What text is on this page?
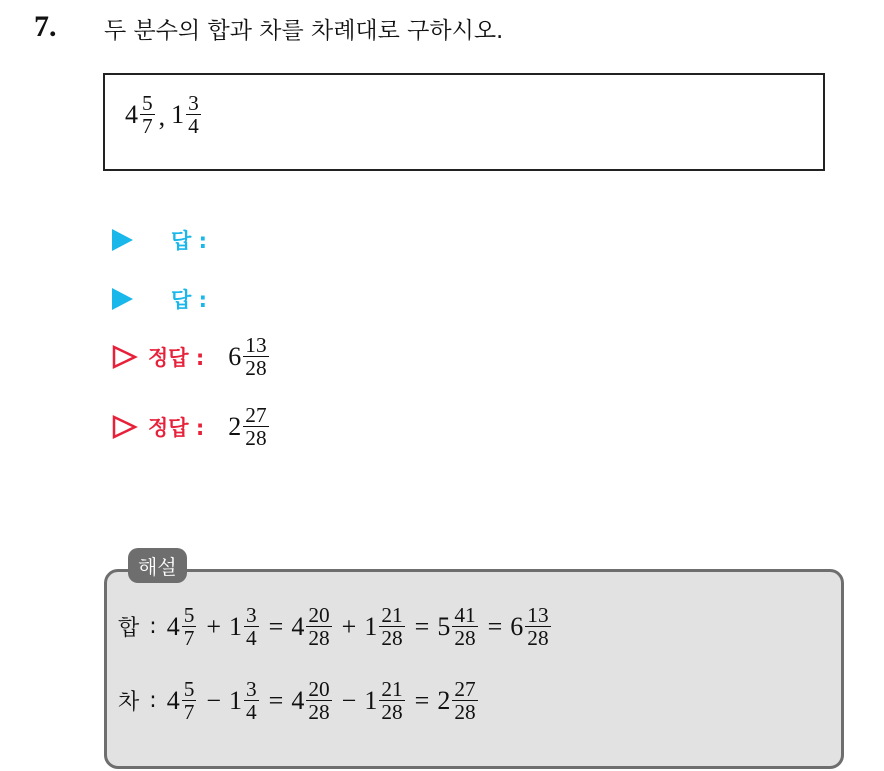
7. 두 분수의 합과 차를 차례대로 구하시오.
$4 \frac{5}{7}$ , $1 \frac{3}{4}$
답 :
답 :
정답 : $6 \frac{13}{28}$
정답 : $2 \frac{27}{28}$
해설
합 : $4 \frac{5}{7} + 1 \frac{3}{4} = 4 \frac{20}{28} + 1 \frac{21}{28} = 5 \frac{41}{28} = 6 \frac{13}{28}$
차 : $4 \frac{5}{7} - 1 \frac{3}{4} = 4 \frac{20}{28} - 1 \frac{21}{28} = 2 \frac{27}{28}$
